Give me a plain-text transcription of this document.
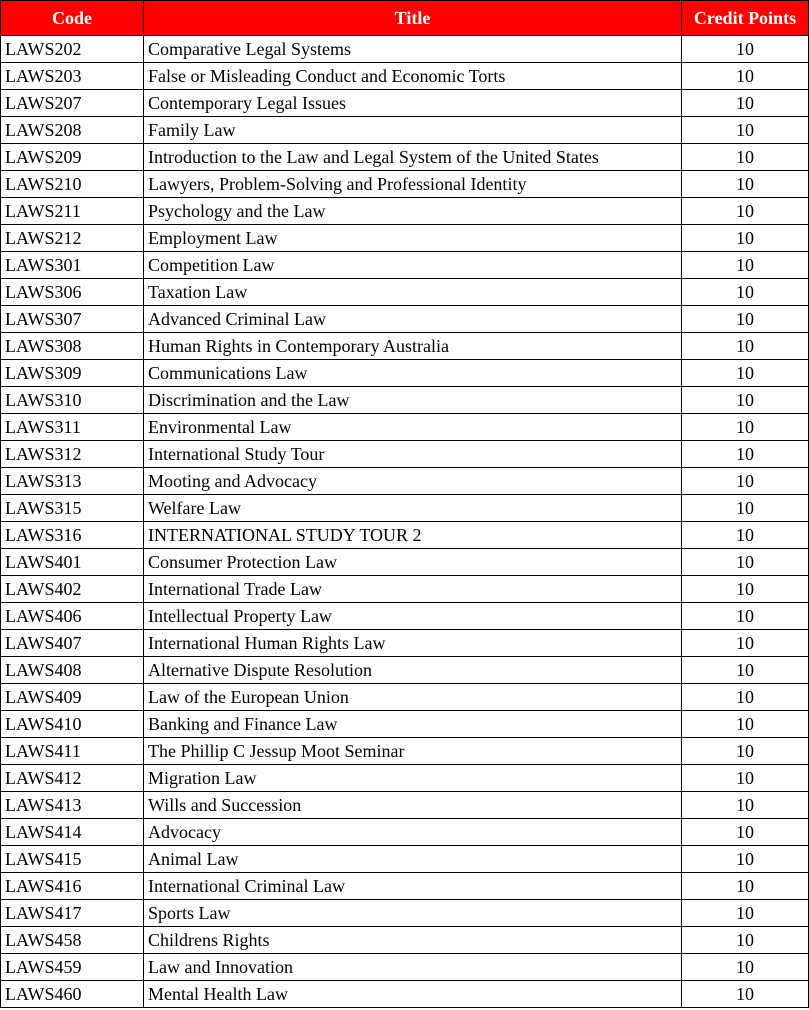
Code	Title	Credit Points
LAWS202	Comparative Legal Systems	10
LAWS203	False or Misleading Conduct and Economic Torts	10
LAWS207	Contemporary Legal Issues	10
LAWS208	Family Law	10
LAWS209	Introduction to the Law and Legal System of the United States	10
LAWS210	Lawyers, Problem-Solving and Professional Identity	10
LAWS211	Psychology and the Law	10
LAWS212	Employment Law	10
LAWS301	Competition Law	10
LAWS306	Taxation Law	10
LAWS307	Advanced Criminal Law	10
LAWS308	Human Rights in Contemporary Australia	10
LAWS309	Communications Law	10
LAWS310	Discrimination and the Law	10
LAWS311	Environmental Law	10
LAWS312	International Study Tour	10
LAWS313	Mooting and Advocacy	10
LAWS315	Welfare Law	10
LAWS316	INTERNATIONAL STUDY TOUR 2	10
LAWS401	Consumer Protection Law	10
LAWS402	International Trade Law	10
LAWS406	Intellectual Property Law	10
LAWS407	International Human Rights Law	10
LAWS408	Alternative Dispute Resolution	10
LAWS409	Law of the European Union	10
LAWS410	Banking and Finance Law	10
LAWS411	The Phillip C Jessup Moot Seminar	10
LAWS412	Migration Law	10
LAWS413	Wills and Succession	10
LAWS414	Advocacy	10
LAWS415	Animal Law	10
LAWS416	International Criminal Law	10
LAWS417	Sports Law	10
LAWS458	Childrens Rights	10
LAWS459	Law and Innovation	10
LAWS460	Mental Health Law	10
